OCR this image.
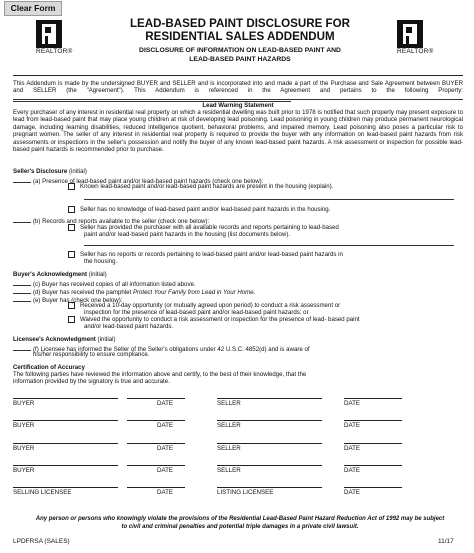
Clear Form
REALTOR®	REALTOR®
LEAD-BASED PAINT DISCLOSURE FOR
RESIDENTIAL SALES ADDENDUM
DISCLOSURE OF INFORMATION ON LEAD-BASED PAINT AND
LEAD-BASED PAINT HAZARDS
This Addendum is made by the undersigned BUYER and SELLER and is incorporated into and made a part of the Purchase and Sale Agreement between BUYER and SELLER (the "Agreement"). This Addendum is referenced in the Agreement and pertains to the following Property:
Lead Warning Statement
Every purchaser of any interest in residential real property on which a residential dwelling was built prior to 1978 is notified that such property may present exposure to lead from lead-based paint that may place young children at risk of developing lead poisoning. Lead poisoning in young children may produce permanent neurological damage, including learning disabilities, reduced intelligence quotient, behavioral problems, and impaired memory. Lead poisoning also poses a particular risk to pregnant women. The seller of any interest in residential real property is required to provide the buyer with any information on lead-based paint hazards from risk assessments or inspections in the seller's possession and notify the buyer of any known lead-based paint hazards. A risk assessment or inspection for possible lead-based paint hazards is recommended prior to purchase.
Seller's Disclosure (initial)
(a) Presence of lead-based paint and/or lead-based paint hazards (check one below):
Known lead-based paint and/or lead-based paint hazards are present in the housing (explain).
Seller has no knowledge of lead-based paint and/or lead-based paint hazards in the housing.
(b) Records and reports available to the seller (check one below):
Seller has provided the purchaser with all available records and reports pertaining to lead-based
paint and/or lead-based paint hazards in the housing (list documents below).
Seller has no reports or records pertaining to lead-based paint and/or lead-based paint hazards in
the housing.
Buyer's Acknowledgment (initial)
(c) Buyer has received copies of all information listed above.
(d) Buyer has received the pamphlet Protect Your Family from Lead in Your Home.
(e) Buyer has (check one below):
Received a 10-day opportunity (or mutually agreed upon period) to conduct a risk assessment or
inspection for the presence of lead-based paint and/or lead-based paint hazards; or
Waived the opportunity to conduct a risk assessment or inspection for the presence of lead- based paint
and/or lead-based paint hazards.
Licensee's Acknowledgment (initial)
(f) Licensee has informed the Seller of the Seller's obligations under 42 U.S.C. 4852(d) and is aware of
his/her responsibility to ensure compliance.
Certification of Accuracy
The following parties have reviewed the information above and certify, to the best of their knowledge, that the
information provided by the signatory is true and accurate.
BUYER	DATE	SELLER	DATE
BUYER	DATE	SELLER	DATE
BUYER	DATE	SELLER	DATE
BUYER	DATE	SELLER	DATE
SELLING LICENSEE	DATE	LISTING LICENSEE	DATE
Any person or persons who knowingly violate the provisions of the Residential Lead-Based Paint Hazard Reduction Act of 1992 may be subject
to civil and criminal penalties and potential triple damages in a private civil lawsuit.
LPDFRSA (SALES)	11/17
